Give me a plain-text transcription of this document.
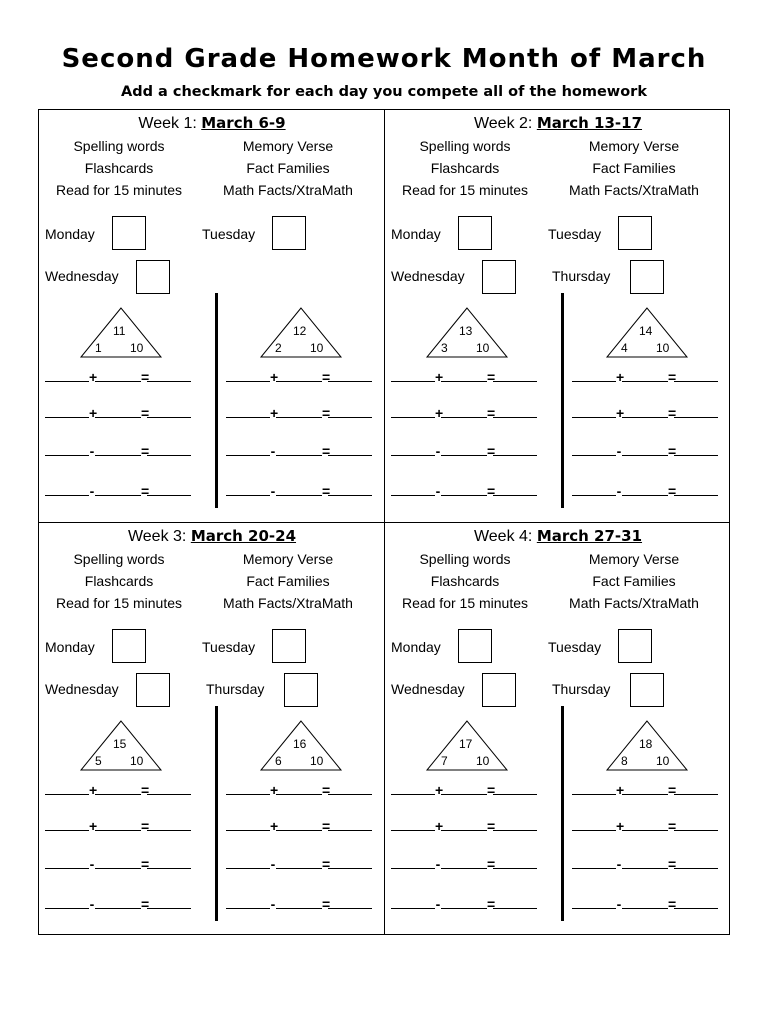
Second Grade Homework Month of March
Add a checkmark for each day you compete all of the homework
Week 1: March 6-9
Spelling words	Memory Verse
Flashcards	Fact Families
Read for 15 minutes	Math Facts/XtraMath
Monday	Tuesday
Wednesday
11
1 10
12
2 10
+	=
+	=
-	=
-	=
+	=
+	=
-	=
-	=
Week 2: March 13-17
Spelling words	Memory Verse
Flashcards	Fact Families
Read for 15 minutes	Math Facts/XtraMath
Monday	Tuesday
Wednesday	Thursday
13
3 10
14
4 10
+	=
+	=
-	=
-	=
+	=
+	=
-	=
-	=
Week 3: March 20-24
Spelling words	Memory Verse
Flashcards	Fact Families
Read for 15 minutes	Math Facts/XtraMath
Monday	Tuesday
Wednesday	Thursday
15
5 10
16
6 10
+	=
+	=
-	=
-	=
+	=
+	=
-	=
-	=
Week 4: March 27-31
Spelling words	Memory Verse
Flashcards	Fact Families
Read for 15 minutes	Math Facts/XtraMath
Monday	Tuesday
Wednesday	Thursday
17
7 10
18
8 10
+	=
+	=
-	=
-	=
+	=
+	=
-	=
-	=
